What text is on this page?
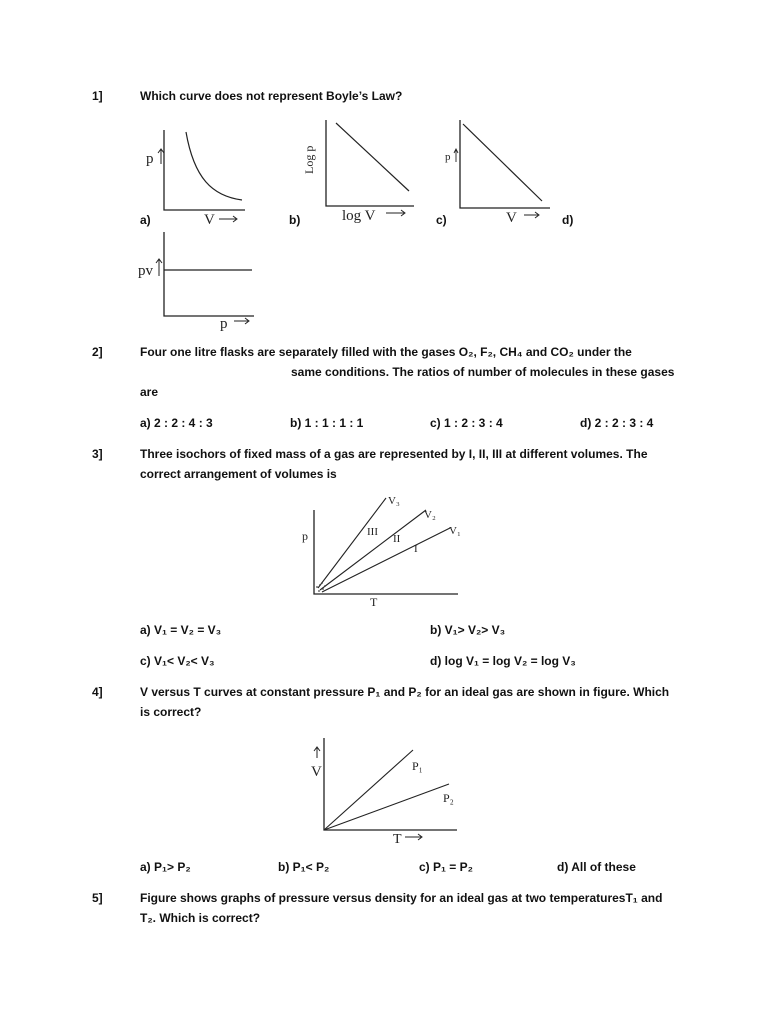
1]	Which curve does not represent Boyle’s Law?
p
V
a)
Log p
log V
b)
p
V
c)	d)
pv
p
2]	Four one litre flasks are separately filled with the gases O₂, F₂, CH₄ and CO₂ under the
same conditions. The ratios of number of molecules in these gases
are
a) 2 : 2 : 4 : 3	b) 1 : 1 : 1 : 1	c) 1 : 2 : 3 : 4	d) 2 : 2 : 3 : 4
3]	Three isochors of fixed mass of a gas are represented by I, II, III at different volumes. The
correct arrangement of volumes is
p
T
V₃
V₂
V₁
III
II
I
a) V₁ = V₂ = V₃	b) V₁> V₂> V₃
c) V₁< V₂< V₃	d) log V₁ = log V₂ = log V₃
4]	V versus T curves at constant pressure P₁ and P₂ for an ideal gas are shown in figure. Which
is correct?
V
T
P₁
P₂
a) P₁> P₂	b) P₁< P₂	c) P₁ = P₂	d) All of these
5]	Figure shows graphs of pressure versus density for an ideal gas at two temperaturesT₁ and
T₂. Which is correct?
